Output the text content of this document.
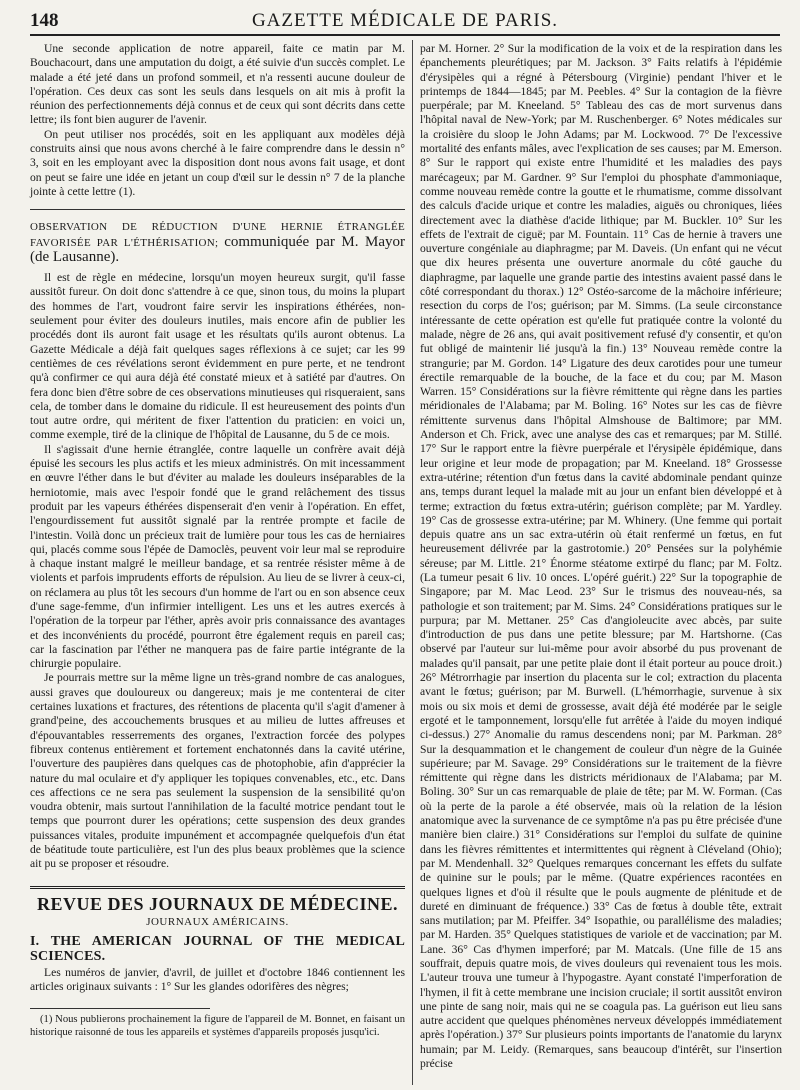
148	GAZETTE MÉDICALE DE PARIS.

Une seconde application de notre appareil, faite ce matin par M. Bouchacourt, dans une amputation du doigt, a été suivie d'un succès complet. Le malade a été jeté dans un profond sommeil, et n'a ressenti aucune douleur de l'opération. Ces deux cas sont les seuls dans lesquels on ait mis à profit la réunion des perfectionnements déjà connus et de ceux qui sont décrits dans cette lettre; ils font bien augurer de l'avenir.

On peut utiliser nos procédés, soit en les appliquant aux modèles déjà construits ainsi que nous avons cherché à le faire comprendre dans le dessin n° 3, soit en les employant avec la disposition dont nous avons fait usage, et dont on peut se faire une idée en jetant un coup d'œil sur le dessin n° 7 de la planche jointe à cette lettre (1).

OBSERVATION DE RÉDUCTION D'UNE HERNIE ÉTRANGLÉE FAVORISÉE PAR L'ÉTHÉRISATION; communiquée par M. Mayor (de Lausanne).

Il est de règle en médecine, lorsqu'un moyen heureux surgit, qu'il fasse aussitôt fureur. On doit donc s'attendre à ce que, sinon tous, du moins la plupart des hommes de l'art, voudront faire servir les inspirations éthérées, non-seulement pour éviter des douleurs inutiles, mais encore afin de publier les procédés dont ils auront fait usage et les résultats qu'ils auront obtenus. La Gazette Médicale a déjà fait quelques sages réflexions à ce sujet; car les 99 centièmes de ces révélations seront évidemment en pure perte, et ne tendront qu'à confirmer ce qui aura déjà été constaté mieux et à satiété par d'autres. On fera donc bien d'être sobre de ces observations minutieuses qui risqueraient, sans cela, de tomber dans le domaine du ridicule. Il est heureusement des points d'un tout autre ordre, qui méritent de fixer l'attention du praticien: en voici un, comme exemple, tiré de la clinique de l'hôpital de Lausanne, du 5 de ce mois.

Il s'agissait d'une hernie étranglée, contre laquelle un confrère avait déjà épuisé les secours les plus actifs et les mieux administrés. On mit incessamment en œuvre l'éther dans le but d'éviter au malade les douleurs inséparables de la herniotomie, mais avec l'espoir fondé que le grand relâchement des tissus produit par les vapeurs éthérées dispenserait d'en venir à l'opération. En effet, l'engourdissement fut aussitôt signalé par la rentrée prompte et facile de l'intestin. Voilà donc un précieux trait de lumière pour tous les cas de herniaires qui, placés comme sous l'épée de Damoclès, peuvent voir leur mal se reproduire à chaque instant malgré le meilleur bandage, et sa rentrée résister même à de violents et parfois imprudents efforts de répulsion. Au lieu de se livrer à ceux-ci, on réclamera au plus tôt les secours d'un homme de l'art ou en son absence ceux d'une sage-femme, d'un infirmier intelligent. Les uns et les autres exercés à l'opération de la torpeur par l'éther, après avoir pris connaissance des avantages et des inconvénients du procédé, pourront être également requis en pareil cas; car la fascination par l'éther ne manquera pas de faire partie intégrante de la chirurgie populaire.

Je pourrais mettre sur la même ligne un très-grand nombre de cas analogues, aussi graves que douloureux ou dangereux; mais je me contenterai de citer certaines luxations et fractures, des rétentions de placenta qu'il s'agit d'amener à grand'peine, des accouchements brusques et au milieu de luttes affreuses et d'épouvantables resserrements des organes, l'extraction forcée des polypes fibreux contenus entièrement et fortement enchatonnés dans la cavité utérine, l'ouverture des paupières dans quelques cas de photophobie, afin d'apprécier la nature du mal oculaire et d'y appliquer les topiques convenables, etc., etc. Dans ces affections ce ne sera pas seulement la suspension de la sensibilité qu'on voudra obtenir, mais surtout l'annihilation de la faculté motrice pendant tout le temps que pourront durer les opérations; cette suspension des deux grandes puissances vitales, produite impunément et accompagnée quelquefois d'un état de béatitude toute particulière, est l'un des plus beaux problèmes que la science ait pu se proposer et résoudre.

REVUE DES JOURNAUX DE MÉDECINE.
JOURNAUX AMÉRICAINS.
I. THE AMERICAN JOURNAL OF THE MEDICAL SCIENCES.

Les numéros de janvier, d'avril, de juillet et d'octobre 1846 contiennent les articles originaux suivants : 1° Sur les glandes odorifères des nègres;

(1) Nous publierons prochainement la figure de l'appareil de M. Bonnet, en faisant un historique raisonné de tous les appareils et systèmes d'appareils proposés jusqu'ici.

par M. Horner. 2° Sur la modification de la voix et de la respiration dans les épanchements pleurétiques; par M. Jackson. 3° Faits relatifs à l'épidémie d'érysipèles qui a régné à Pétersbourg (Virginie) pendant l'hiver et le printemps de 1844—1845; par M. Peebles. 4° Sur la contagion de la fièvre puerpérale; par M. Kneeland. 5° Tableau des cas de mort survenus dans l'hôpital naval de New-York; par M. Ruschenberger. 6° Notes médicales sur la croisière du sloop le John Adams; par M. Lockwood. 7° De l'excessive mortalité des enfants mâles, avec l'explication de ses causes; par M. Emerson. 8° Sur le rapport qui existe entre l'humidité et les maladies des pays marécageux; par M. Gardner. 9° Sur l'emploi du phosphate d'ammoniaque, comme nouveau remède contre la goutte et le rhumatisme, comme dissolvant des calculs d'acide urique et contre les maladies, aiguës ou chroniques, liées directement avec la diathèse d'acide lithique; par M. Buckler. 10° Sur les effets de l'extrait de ciguë; par M. Fountain. 11° Cas de hernie à travers une ouverture congéniale au diaphragme; par M. Daveis. (Un enfant qui ne vécut que dix heures présenta une ouverture anormale du côté gauche du diaphragme, par laquelle une grande partie des intestins avaient passé dans le côté correspondant du thorax.) 12° Ostéo-sarcome de la mâchoire inférieure; resection du corps de l'os; guérison; par M. Simms. (La seule circonstance intéressante de cette opération est qu'elle fut pratiquée contre la volonté du malade, nègre de 26 ans, qui avait positivement refusé d'y consentir, et qu'on fut obligé de maintenir lié jusqu'à la fin.) 13° Nouveau remède contre la strangurie; par M. Gordon. 14° Ligature des deux carotides pour une tumeur érectile remarquable de la bouche, de la face et du cou; par M. Mason Warren. 15° Considérations sur la fièvre rémittente qui règne dans les parties méridionales de l'Alabama; par M. Boling. 16° Notes sur les cas de fièvre rémittente survenus dans l'hôpital Almshouse de Baltimore; par MM. Anderson et Ch. Frick, avec une analyse des cas et remarques; par M. Stillé. 17° Sur le rapport entre la fièvre puerpérale et l'érysipèle épidémique, dans leur origine et leur mode de propagation; par M. Kneeland. 18° Grossesse extra-utérine; rétention d'un fœtus dans la cavité abdominale pendant quinze ans, temps durant lequel la malade mit au jour un enfant bien développé et à terme; extraction du fœtus extra-utérin; guérison complète; par M. Yardley. 19° Cas de grossesse extra-utérine; par M. Whinery. (Une femme qui portait depuis quatre ans un sac extra-utérin où était renfermé un fœtus, en fut heureusement délivrée par la gastrotomie.) 20° Pensées sur la polyhémie séreuse; par M. Little. 21° Énorme stéatome extirpé du flanc; par M. Foltz. (La tumeur pesait 6 liv. 10 onces. L'opéré guérit.) 22° Sur la topographie de Singapore; par M. Mac Leod. 23° Sur le trismus des nouveau-nés, sa pathologie et son traitement; par M. Sims. 24° Considérations pratiques sur le purpura; par M. Mettaner. 25° Cas d'angioleucite avec abcès, par suite d'introduction de pus dans une petite blessure; par M. Hartshorne. (Cas observé par l'auteur sur lui-même pour avoir absorbé du pus provenant de malades qu'il pansait, par une petite plaie dont il était porteur au pouce droit.) 26° Métrorrhagie par insertion du placenta sur le col; extraction du placenta avant le fœtus; guérison; par M. Burwell. (L'hémorrhagie, survenue à six mois ou six mois et demi de grossesse, avait déjà été modérée par le seigle ergoté et le tamponnement, lorsqu'elle fut arrêtée à l'aide du moyen indiqué ci-dessus.) 27° Anomalie du ramus descendens noni; par M. Parkman. 28° Sur la desquammation et le changement de couleur d'un nègre de la Guinée supérieure; par M. Savage. 29° Considérations sur le traitement de la fièvre rémittente qui règne dans les districts méridionaux de l'Alabama; par M. Boling. 30° Sur un cas remarquable de plaie de tête; par M. W. Forman. (Cas où la perte de la parole a été observée, mais où la relation de la lésion anatomique avec la survenance de ce symptôme n'a pas pu être précisée d'une manière bien claire.) 31° Considérations sur l'emploi du sulfate de quinine dans les fièvres rémittentes et intermittentes qui règnent à Cléveland (Ohio); par M. Mendenhall. 32° Quelques remarques concernant les effets du sulfate de quinine sur le pouls; par le même. (Quatre expériences racontées en quelques lignes et d'où il résulte que le pouls augmente de plénitude et de dureté en diminuant de fréquence.) 33° Cas de fœtus à double tête, extrait sans mutilation; par M. Pfeiffer. 34° Isopathie, ou parallélisme des maladies; par M. Harden. 35° Quelques statistiques de variole et de vaccination; par M. Lane. 36° Cas d'hymen imperforé; par M. Matcals. (Une fille de 15 ans souffrait, depuis quatre mois, de vives douleurs qui revenaient tous les mois. L'auteur trouva une tumeur à l'hypogastre. Ayant constaté l'imperforation de l'hymen, il fit à cette membrane une incision cruciale; il sortit aussitôt environ une pinte de sang noir, mais qui ne se coagula pas. La guérison eut lieu sans autre accident que quelques phénomènes nerveux développés immédiatement après l'opération.) 37° Sur plusieurs points importants de l'anatomie du larynx humain; par M. Leidy. (Remarques, sans beaucoup d'intérêt, sur l'insertion précise
